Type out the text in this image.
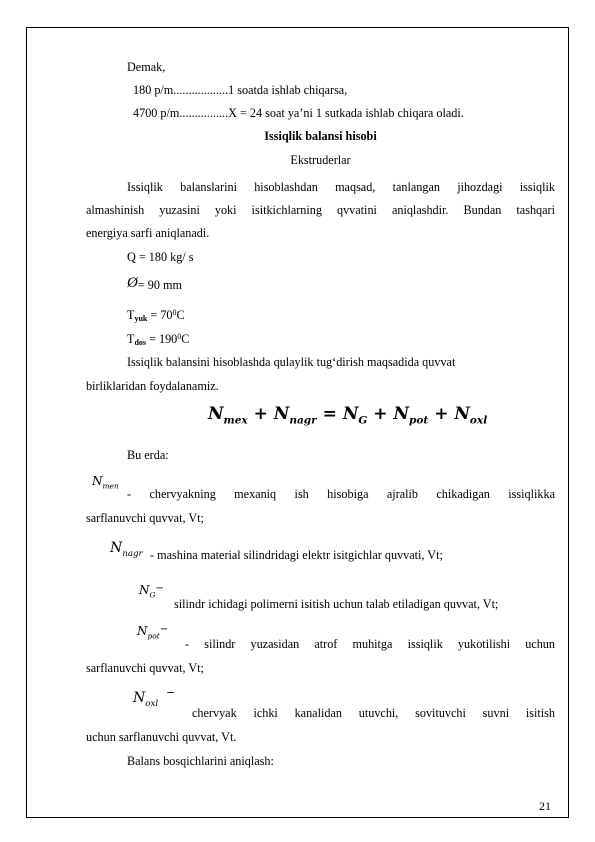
Demak,
180 p/m..................1 soatda ishlab chiqarsa,
4700 p/m................X = 24 soat ya’ni 1 sutkada ishlab chiqara oladi.
Issiqlik balansi hisobi
Ekstruderlar
Issiqlik balanslarini hisoblashdan maqsad, tanlangan jihozdagi issiqlik
almashinish yuzasini yoki isitkichlarning qvvatini aniqlashdir. Bundan tashqari
energiya sarfi aniqlanadi.
Q = 180 kg/ s
Ø= 90 mm
$T_{yuk} = 70^0C$
$T_{dos} = 190^0C$
Issiqlik balansini hisoblashda qulaylik tug‘dirish maqsadida quvvat
birliklaridan foydalanamiz.
$N_{mex} + N_{nagr} = N_G + N_{pot} + N_{oxl}$
Bu erda:
$N_{men}$
- chervyakning mexaniq ish hisobiga ajralib chikadigan issiqlikka
sarflanuvchi quvvat, Vt;
$N_{nagr}$ - mashina material silindridagi elektr isitgichlar quvvati, Vt;
$N_G^-$
silindr ichidagi polimerni isitish uchun talab etiladigan quvvat, Vt;
$N_{pot}^-$
- silindr yuzasidan atrof muhitga issiqlik yukotilishi uchun
sarflanuvchi quvvat, Vt;
$N_{oxl}^-$
chervyak ichki kanalidan utuvchi, sovituvchi suvni isitish
uchun sarflanuvchi quvvat, Vt.
Balans bosqichlarini aniqlash:
21
